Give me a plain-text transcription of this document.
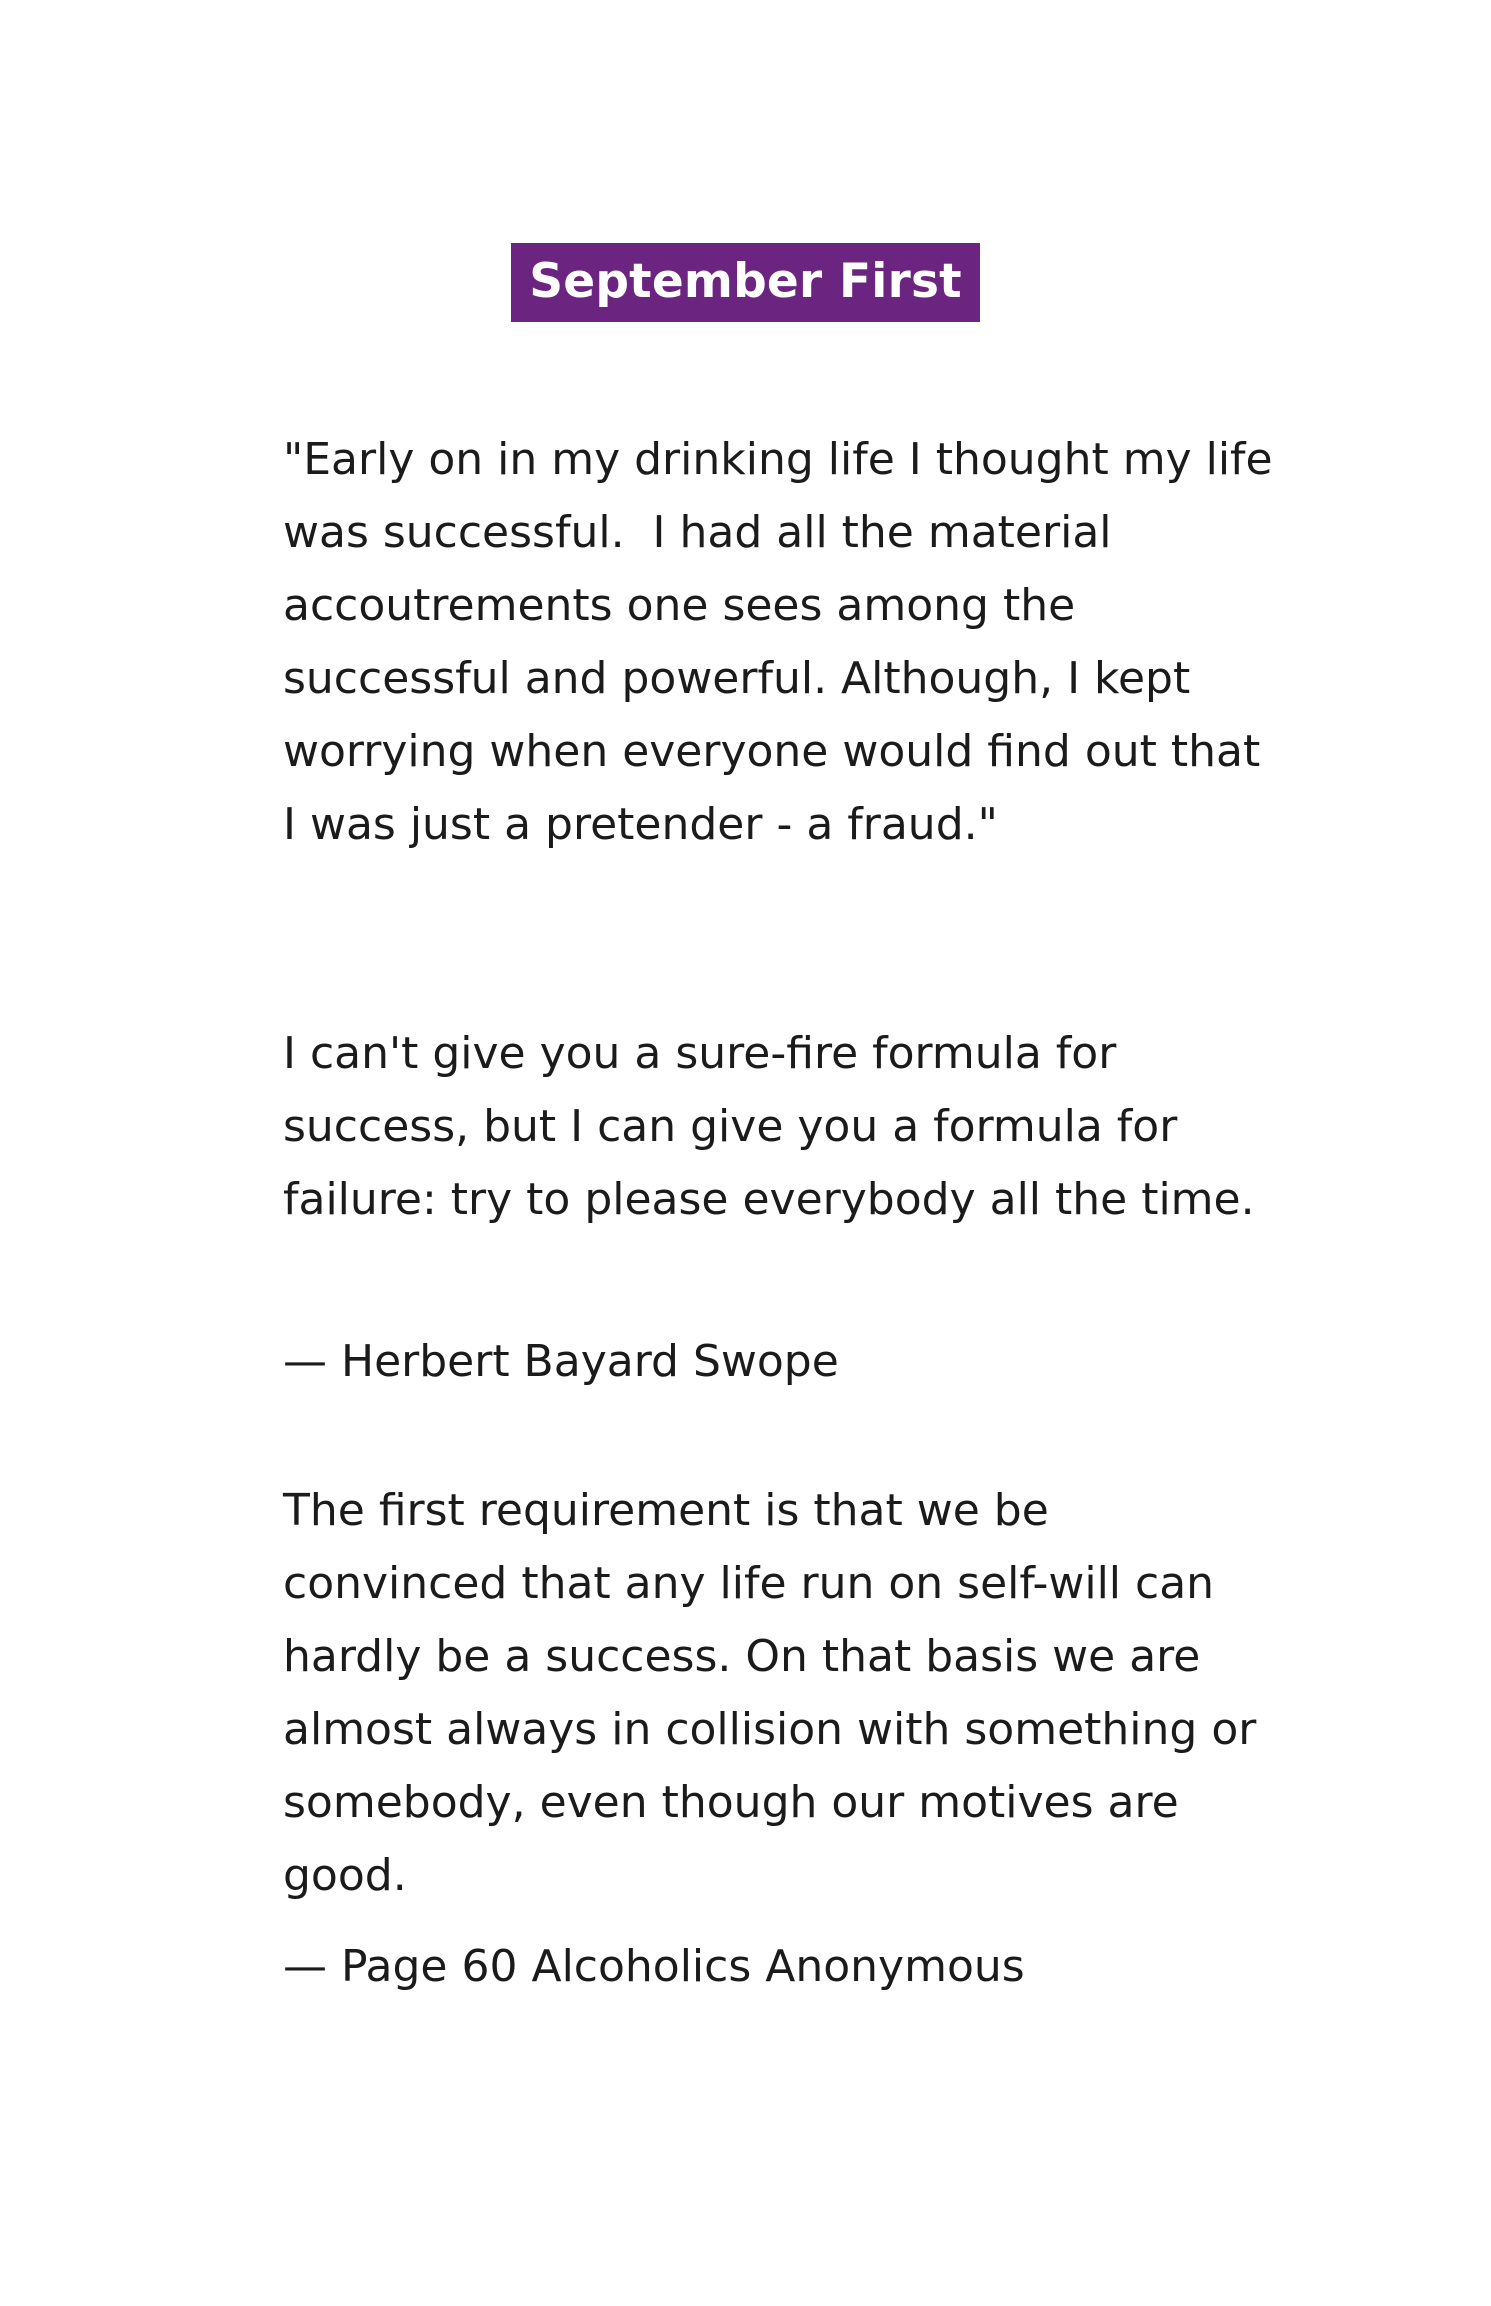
September First
"Early on in my drinking life I thought my life was successful.  I had all the material accoutrements one sees among the successful and powerful. Although, I kept worrying when everyone would find out that I was just a pretender - a fraud."
I can't give you a sure-fire formula for success, but I can give you a formula for failure: try to please everybody all the time.
— Herbert Bayard Swope
The first requirement is that we be convinced that any life run on self-will can hardly be a success. On that basis we are almost always in collision with something or somebody, even though our motives are good.
— Page 60 Alcoholics Anonymous
